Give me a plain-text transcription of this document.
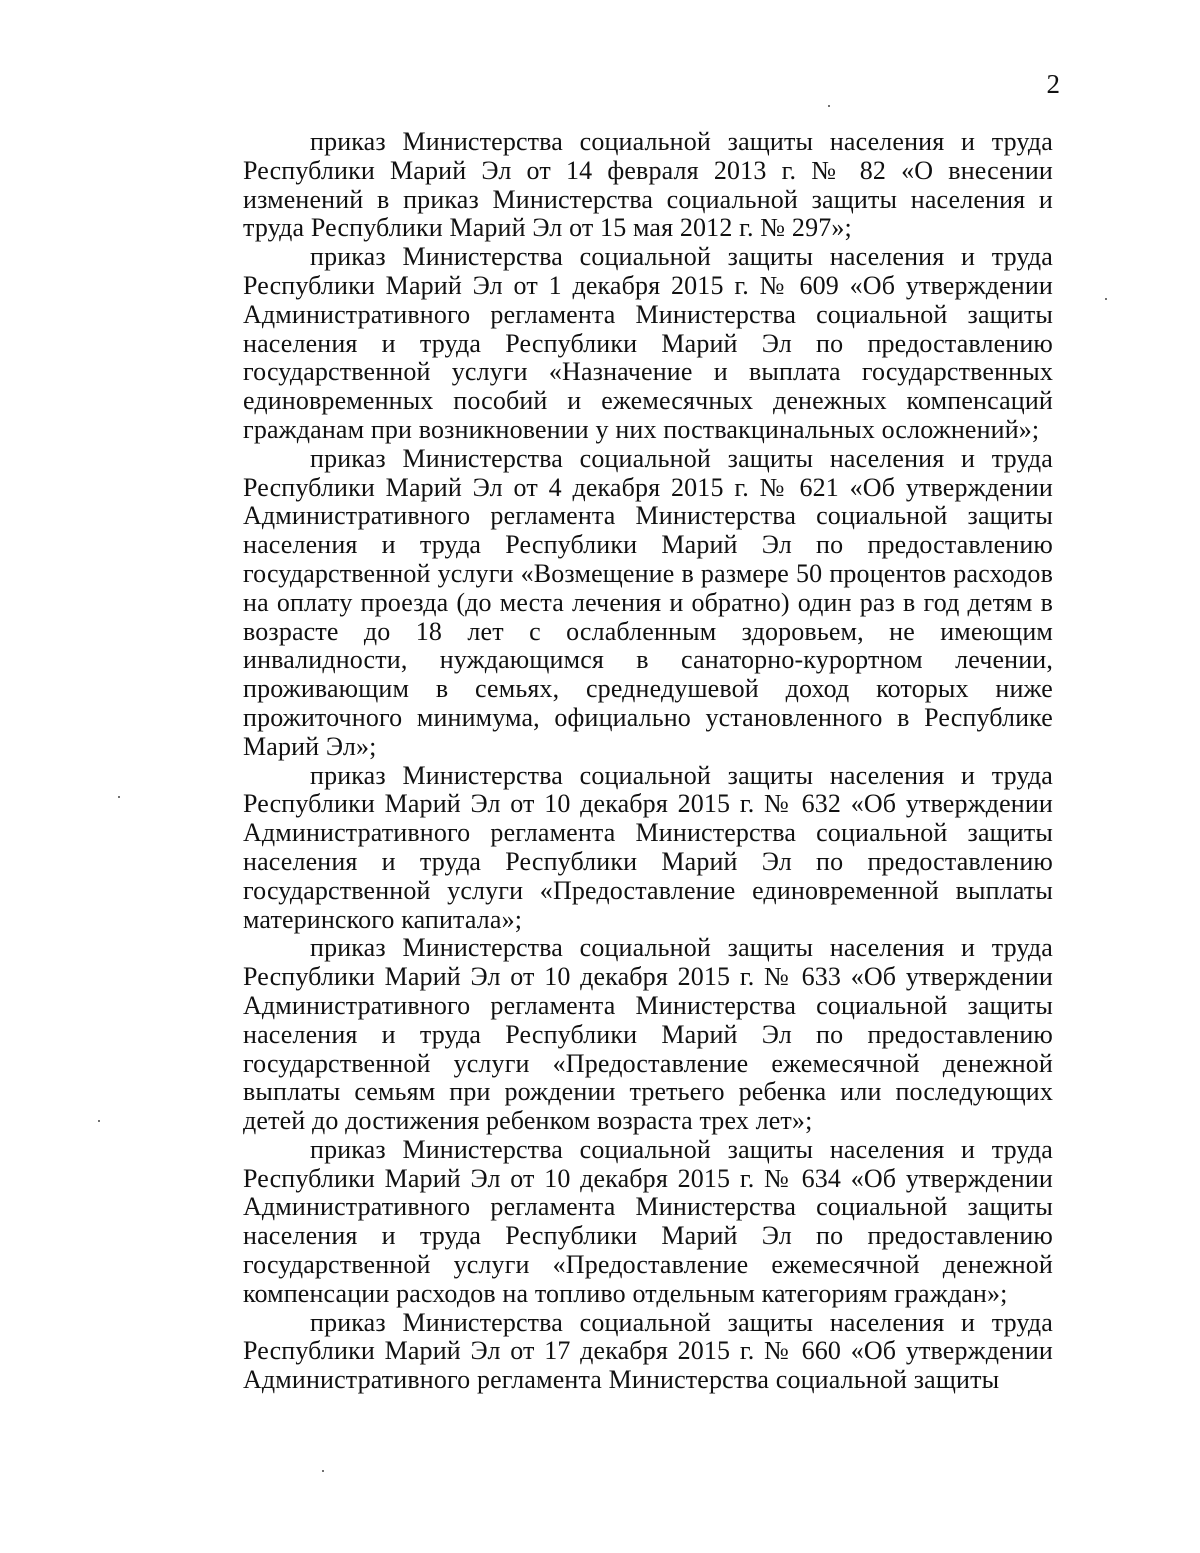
2

приказ Министерства социальной защиты населения и труда Республики Марий Эл от 14 февраля 2013 г. № 82 «О внесении изменений в приказ Министерства социальной защиты населения и труда Республики Марий Эл от 15 мая 2012 г. № 297»;

приказ Министерства социальной защиты населения и труда Республики Марий Эл от 1 декабря 2015 г. № 609 «Об утверждении Административного регламента Министерства социальной защиты населения и труда Республики Марий Эл по предоставлению государственной услуги «Назначение и выплата государственных единовременных пособий и ежемесячных денежных компенсаций гражданам при возникновении у них поствакцинальных осложнений»;

приказ Министерства социальной защиты населения и труда Республики Марий Эл от 4 декабря 2015 г. № 621 «Об утверждении Административного регламента Министерства социальной защиты населения и труда Республики Марий Эл по предоставлению государственной услуги «Возмещение в размере 50 процентов расходов на оплату проезда (до места лечения и обратно) один раз в год детям в возрасте до 18 лет с ослабленным здоровьем, не имеющим инвалидности, нуждающимся в санаторно-курортном лечении, проживающим в семьях, среднедушевой доход которых ниже прожиточного минимума, официально установленного в Республике Марий Эл»;

приказ Министерства социальной защиты населения и труда Республики Марий Эл от 10 декабря 2015 г. № 632 «Об утверждении Административного регламента Министерства социальной защиты населения и труда Республики Марий Эл по предоставлению государственной услуги «Предоставление единовременной выплаты материнского капитала»;

приказ Министерства социальной защиты населения и труда Республики Марий Эл от 10 декабря 2015 г. № 633 «Об утверждении Административного регламента Министерства социальной защиты населения и труда Республики Марий Эл по предоставлению государственной услуги «Предоставление ежемесячной денежной выплаты семьям при рождении третьего ребенка или последующих детей до достижения ребенком возраста трех лет»;

приказ Министерства социальной защиты населения и труда Республики Марий Эл от 10 декабря 2015 г. № 634 «Об утверждении Административного регламента Министерства социальной защиты населения и труда Республики Марий Эл по предоставлению государственной услуги «Предоставление ежемесячной денежной компенсации расходов на топливо отдельным категориям граждан»;

приказ Министерства социальной защиты населения и труда Республики Марий Эл от 17 декабря 2015 г. № 660 «Об утверждении Административного регламента Министерства социальной защиты
